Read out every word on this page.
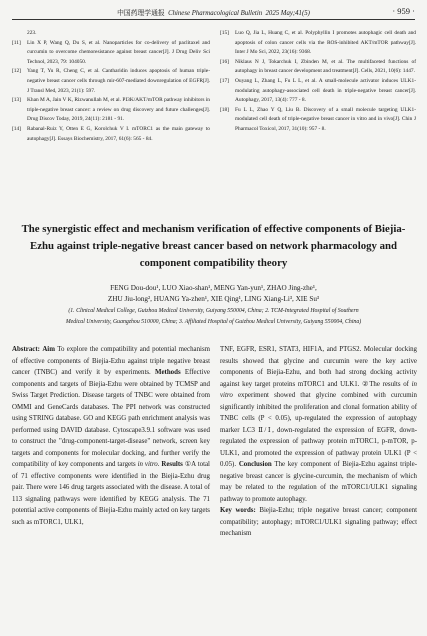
中国药理学通报 Chinese Pharmacological Bulletin 2025 May;41(5)	· 959 ·
223.
[11]	Lin X P, Wang Q, Du S, et al. Nanoparticles for co-delivery of paclitaxel and curcumin to overcome chemoresistance against breast cancer[J]. J Drug Deliv Sci Technol, 2023, 79: 104050.
[12]	Yang T, Yu R, Cheng C, et al. Cantharidin induces apoptosis of human triple-negative breast cancer cells through mir-607-mediated downregulation of EGFR[J]. J Transl Med, 2023, 21(1): 597.
[13]	Khan M A, Jain V K, Rizwanullah M, et al. PI3K/AKT/mTOR pathway inhibitors in triple-negative breast cancer: a review on drug discovery and future challenges[J]. Drug Discov Today, 2019, 24(11): 2181 - 91.
[14]	Rabanal-Ruiz Y, Otten E G, Korolchuk V I. mTORC1 as the main gateway to autophagy[J]. Essays Biochemistry, 2017, 61(6): 565 - 84.
[15]	Luo Q, Jia L, Huang C, et al. Polyphyllin I promotes autophagic cell death and apoptosis of colon cancer cells via the ROS-inhibited AKT/mTOR pathway[J]. Inter J Mo Sci, 2022, 23(16): 9368.
[16]	Niklaus N J, Tokarchuk I, Zbinden M, et al. The multifaceted functions of autophagy in breast cancer development and treatment[J]. Cells, 2021, 10(6): 1447.
[17]	Ouyang L, Zhang L, Fu L L, et al. A small-molecule activator induces ULK1-modulating autophagy-associated cell death in triple-negative breast cancer[J]. Autophagy, 2017, 13(4): 777 - 8.
[18]	Fu L L, Zhao Y Q, Liu B. Discovery of a small molecule targeting ULK1-modulated cell death of triple-negative breast cancer in vitro and in vivo[J]. Chin J Pharmacol Toxicol, 2017, 31(10): 957 - 8.
The synergistic effect and mechanism verification of effective components of Biejia-Ezhu against triple-negative breast cancer based on network pharmacology and component compatibility theory
FENG Dou-dou¹, LUO Xiao-shan¹, MENG Yan-yun¹, ZHAO Jing-zhe¹,
ZHU Jiu-long², HUANG Ya-zhen¹, XIE Qing¹, LING Xiang-Li³, XIE Su³
(1. Clinical Medical College, Guizhou Medical University, Guiyang 550004, China; 2. TCM-Integrated Hospital of Southern
Medical University, Guangzhou 510000, China; 3. Affiliated Hospital of Guizhou Medical University, Guiyang 550004, China)
Abstract: Aim To explore the compatibility and potential mechanism of effective components of Biejia-Ezhu against triple negative breast cancer (TNBC) and verify it by experiments. Methods Effective components and targets of Biejia-Ezhu were obtained by TCMSP and Swiss Target Prediction. Disease targets of TNBC were obtained from OMMI and GeneCards databases. The PPI network was constructed using STRING database. GO and KEGG path enrichment analysis was performed using DAVID database. Cytoscape3.9.1 software was used to construct the "drug-component-target-disease" network, screen key targets and components for molecular docking, and further verify the compatibility of key components and targets in vitro. Results ①A total of 71 effective components were identified in the Biejia-Ezhu drug pair. There were 146 drug targets associated with the disease. A total of 113 signaling pathways were identified by KEGG analysis. The 71 potential active components of Biejia-Ezhu mainly acted on key targets such as mTORC1, ULK1,
TNF, EGFR, ESR1, STAT3, HIF1A, and PTGS2. Molecular docking results showed that glycine and curcumin were the key active components of Biejia-Ezhu, and both had strong docking activity against key target proteins mTORC1 and ULK1. ②The results of in vitro experiment showed that glycine combined with curcumin significantly inhibited the proliferation and clonal formation ability of TNBC cells (P < 0.05), up-regulated the expression of autophagy marker LC3 Ⅱ/Ⅰ, down-regulated the expression of EGFR, down-regulated the expression of pathway protein mTORC1, p-mTOR, p-ULK1, and promoted the expression of pathway protein ULK1 (P < 0.05). Conclusion The key component of Biejia-Ezhu against triple-negative breast cancer is glycine-curcumin, the mechanism of which may be related to the regulation of the mTORC1/ULK1 signaling pathway to promote autophagy.
Key words: Biejia-Ezhu; triple negative breast cancer; component compatibility; autophagy; mTORC1/ULK1 signaling pathway; effect mechanism
